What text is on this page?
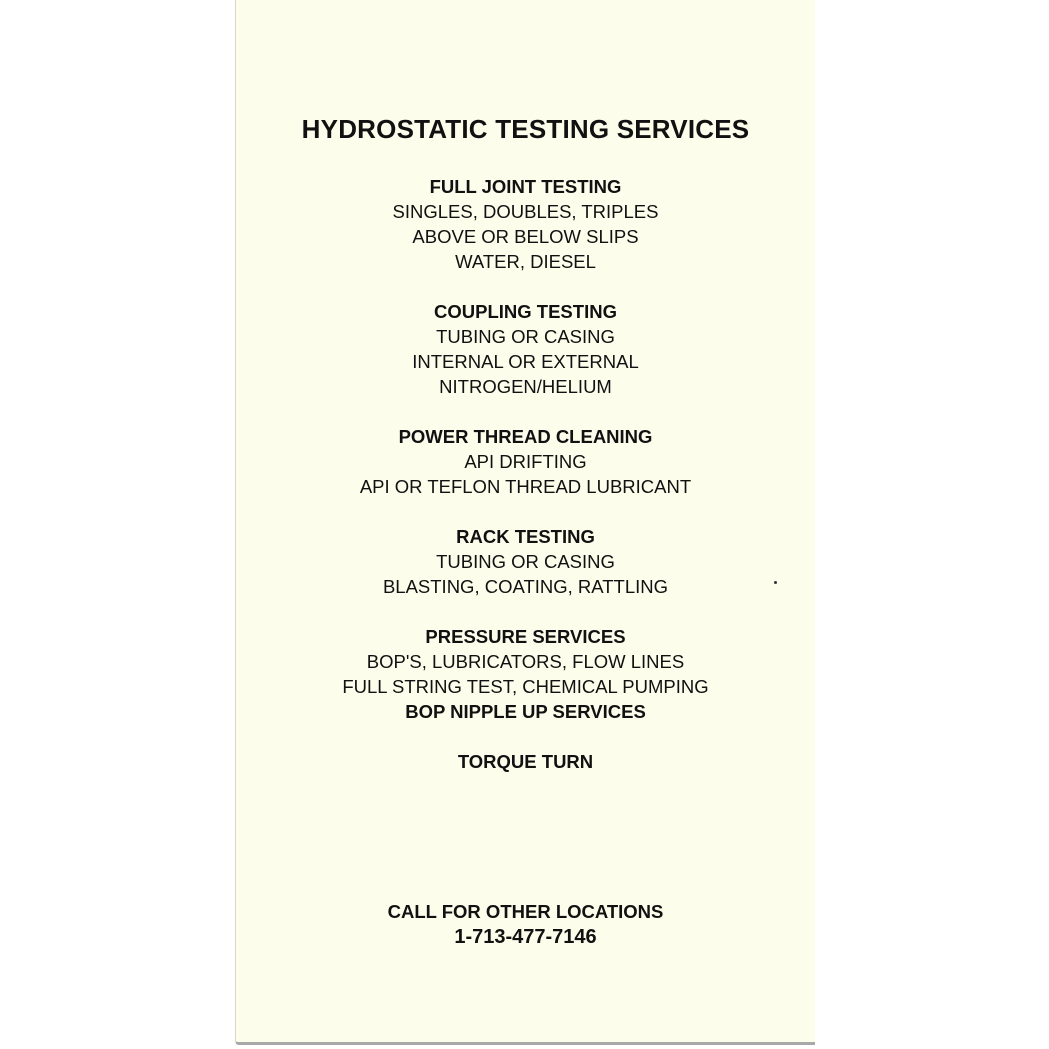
HYDROSTATIC TESTING SERVICES
FULL JOINT TESTING
SINGLES, DOUBLES, TRIPLES
ABOVE OR BELOW SLIPS
WATER, DIESEL
COUPLING TESTING
TUBING OR CASING
INTERNAL OR EXTERNAL
NITROGEN/HELIUM
POWER THREAD CLEANING
API DRIFTING
API OR TEFLON THREAD LUBRICANT
RACK TESTING
TUBING OR CASING
BLASTING, COATING, RATTLING
PRESSURE SERVICES
BOP'S, LUBRICATORS, FLOW LINES
FULL STRING TEST, CHEMICAL PUMPING
BOP NIPPLE UP SERVICES
TORQUE TURN
CALL FOR OTHER LOCATIONS
1-713-477-7146
